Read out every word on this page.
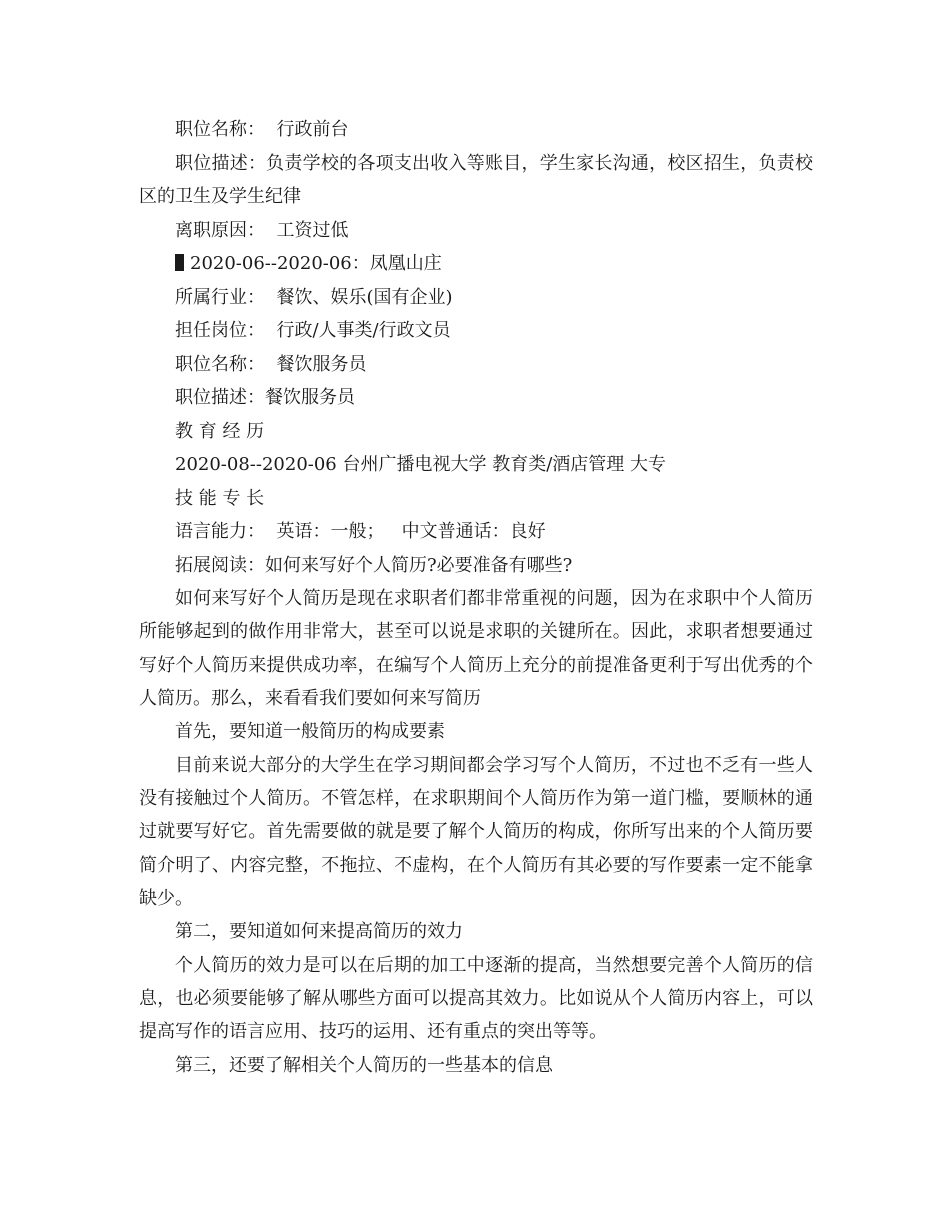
职位名称：  行政前台

职位描述：负责学校的各项支出收入等账目，学生家长沟通，校区招生，负责校区的卫生及学生纪律

离职原因：  工资过低

2020-06--2020-06：凤凰山庄

所属行业：  餐饮、娱乐(国有企业)

担任岗位：  行政/人事类/行政文员

职位名称：  餐饮服务员

职位描述：餐饮服务员

教 育 经 历

2020-08--2020-06 台州广播电视大学 教育类/酒店管理 大专

技 能 专 长

语言能力：  英语：一般；   中文普通话：良好

拓展阅读：如何来写好个人简历?必要准备有哪些?

如何来写好个人简历是现在求职者们都非常重视的问题，因为在求职中个人简历所能够起到的做作用非常大，甚至可以说是求职的关键所在。因此，求职者想要通过写好个人简历来提供成功率，在编写个人简历上充分的前提准备更利于写出优秀的个人简历。那么，来看看我们要如何来写简历

首先，要知道一般简历的构成要素

目前来说大部分的大学生在学习期间都会学习写个人简历，不过也不乏有一些人没有接触过个人简历。不管怎样，在求职期间个人简历作为第一道门槛，要顺林的通过就要写好它。首先需要做的就是要了解个人简历的构成，你所写出来的个人简历要简介明了、内容完整，不拖拉、不虚构，在个人简历有其必要的写作要素一定不能拿缺少。

第二，要知道如何来提高简历的效力

个人简历的效力是可以在后期的加工中逐渐的提高，当然想要完善个人简历的信息，也必须要能够了解从哪些方面可以提高其效力。比如说从个人简历内容上，可以提高写作的语言应用、技巧的运用、还有重点的突出等等。

第三，还要了解相关个人简历的一些基本的信息
